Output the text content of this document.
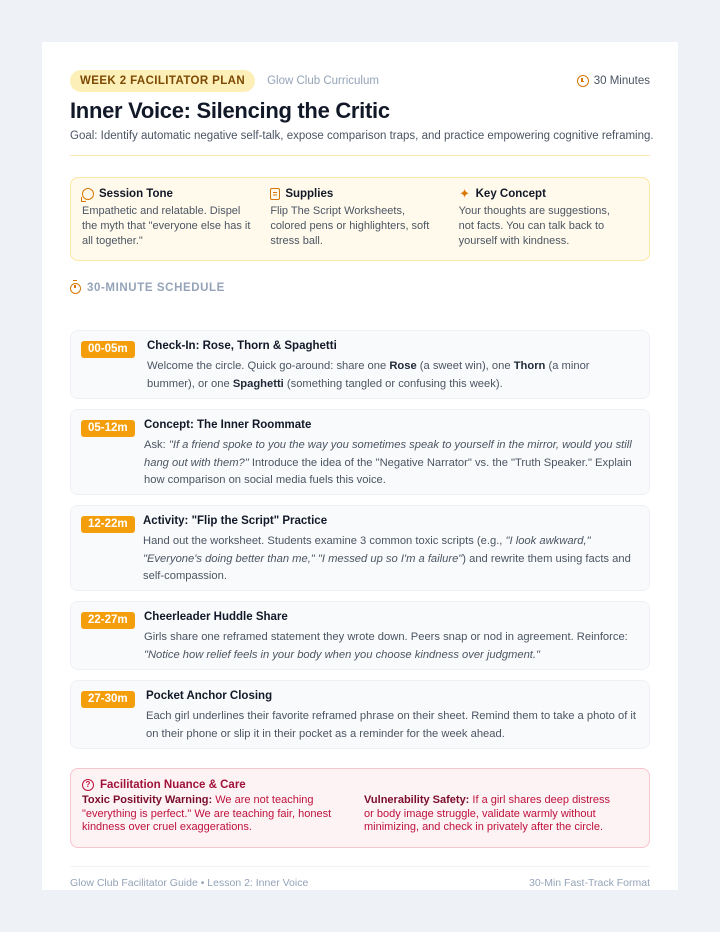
WEEK 2 FACILITATOR PLAN	Glow Club Curriculum	30 Minutes
Inner Voice: Silencing the Critic

Goal: Identify automatic negative self-talk, expose comparison traps, and practice empowering cognitive reframing.

Session Tone

Empathetic and relatable. Dispel the myth that "everyone else has it all together."

Supplies

Flip The Script Worksheets, colored pens or highlighters, soft stress ball.

✦ Key Concept

Your thoughts are suggestions, not facts. You can talk back to yourself with kindness.

30-MINUTE SCHEDULE
00-05m	Check-In: Rose, Thorn & Spaghetti

Welcome the circle. Quick go-around: share one Rose (a sweet win), one Thorn (a minor bummer), or one Spaghetti (something tangled or confusing this week).

05-12m	Concept: The Inner Roommate

Ask: "If a friend spoke to you the way you sometimes speak to yourself in the mirror, would you still hang out with them?" Introduce the idea of the "Negative Narrator" vs. the "Truth Speaker." Explain how comparison on social media fuels this voice.

12-22m	Activity: "Flip the Script" Practice

Hand out the worksheet. Students examine 3 common toxic scripts (e.g., "I look awkward," "Everyone's doing better than me," "I messed up so I'm a failure") and rewrite them using facts and self-compassion.

22-27m	Cheerleader Huddle Share

Girls share one reframed statement they wrote down. Peers snap or nod in agreement. Reinforce: "Notice how relief feels in your body when you choose kindness over judgment."

27-30m	Pocket Anchor Closing

Each girl underlines their favorite reframed phrase on their sheet. Remind them to take a photo of it on their phone or slip it in their pocket as a reminder for the week ahead.

? Facilitation Nuance & Care

Toxic Positivity Warning: We are not teaching "everything is perfect." We are teaching fair, honest kindness over cruel exaggerations.

Vulnerability Safety: If a girl shares deep distress or body image struggle, validate warmly without minimizing, and check in privately after the circle.

Glow Club Facilitator Guide • Lesson 2: Inner Voice	30-Min Fast-Track Format
